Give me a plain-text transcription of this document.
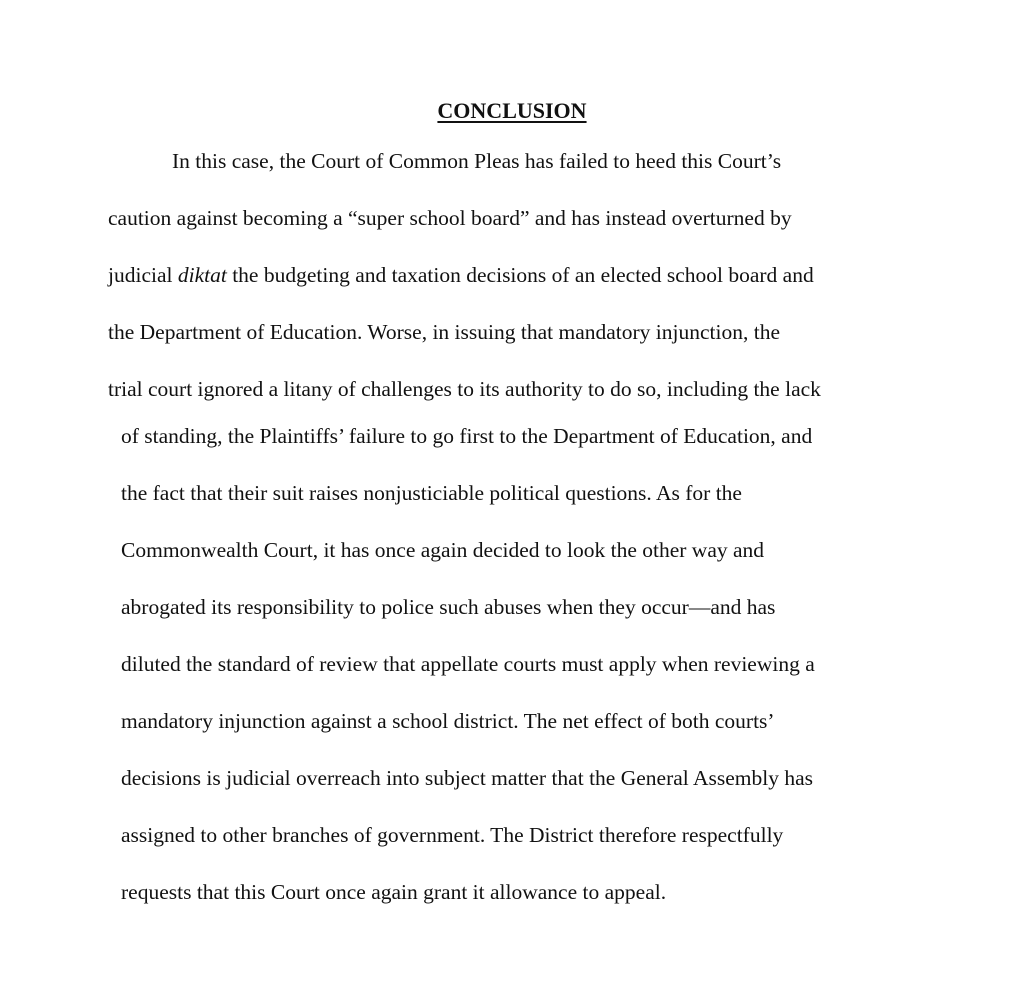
CONCLUSION

In this case, the Court of Common Pleas has failed to heed this Court’s

caution against becoming a “super school board” and has instead overturned by

judicial diktat the budgeting and taxation decisions of an elected school board and

the Department of Education. Worse, in issuing that mandatory injunction, the

trial court ignored a litany of challenges to its authority to do so, including the lack

of standing, the Plaintiffs’ failure to go first to the Department of Education, and

the fact that their suit raises nonjusticiable political questions. As for the

Commonwealth Court, it has once again decided to look the other way and

abrogated its responsibility to police such abuses when they occur—and has

diluted the standard of review that appellate courts must apply when reviewing a

mandatory injunction against a school district. The net effect of both courts’

decisions is judicial overreach into subject matter that the General Assembly has

assigned to other branches of government. The District therefore respectfully

requests that this Court once again grant it allowance to appeal.
